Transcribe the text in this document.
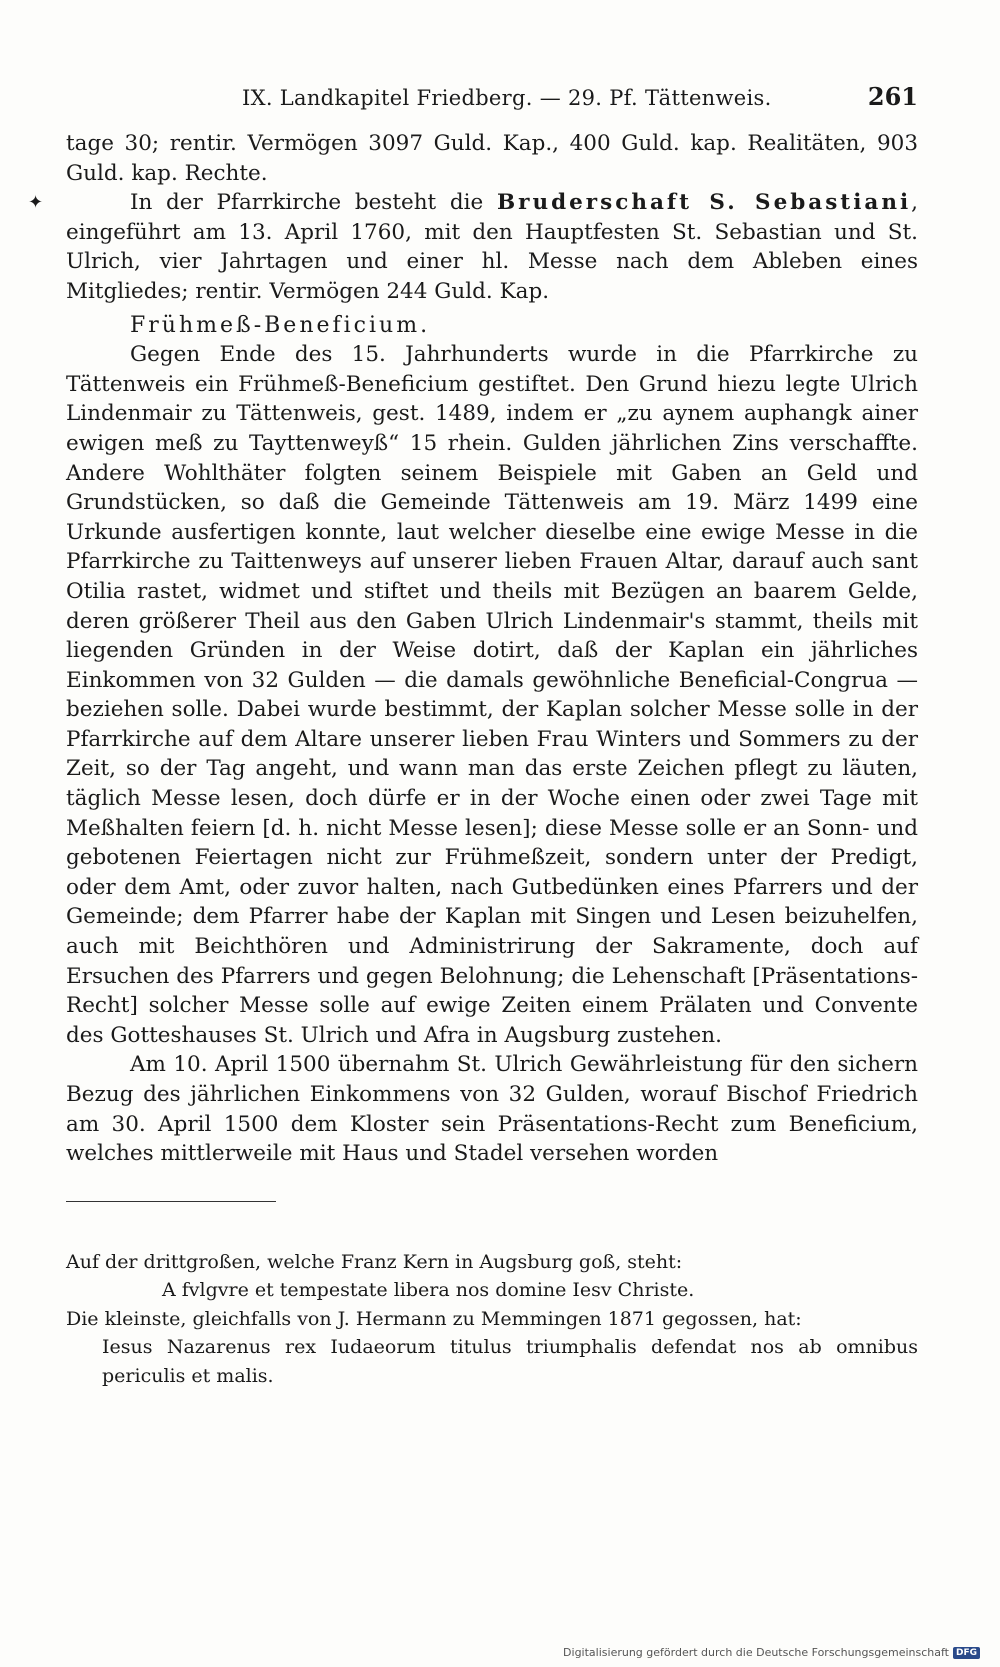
✦
IX. Landkapitel Friedberg. — 29. Pf. Tättenweis.	261

tage 30; rentir. Vermögen 3097 Guld. Kap., 400 Guld. kap. Realitäten, 903 Guld. kap. Rechte.

In der Pfarrkirche besteht die Bruderschaft S. Sebastiani, eingeführt am 13. April 1760, mit den Hauptfesten St. Sebastian und St. Ulrich, vier Jahrtagen und einer hl. Messe nach dem Ableben eines Mitgliedes; rentir. Vermögen 244 Guld. Kap.

Frühmeß-Beneficium.

Gegen Ende des 15. Jahrhunderts wurde in die Pfarrkirche zu Tättenweis ein Frühmeß-Beneficium gestiftet. Den Grund hiezu legte Ulrich Lindenmair zu Tättenweis, gest. 1489, indem er „zu aynem auphangk ainer ewigen meß zu Tayttenweyß“ 15 rhein. Gulden jährlichen Zins verschaffte. Andere Wohlthäter folgten seinem Beispiele mit Gaben an Geld und Grundstücken, so daß die Gemeinde Tättenweis am 19. März 1499 eine Urkunde ausfertigen konnte, laut welcher dieselbe eine ewige Messe in die Pfarrkirche zu Taittenweys auf unserer lieben Frauen Altar, darauf auch sant Otilia rastet, widmet und stiftet und theils mit Bezügen an baarem Gelde, deren größerer Theil aus den Gaben Ulrich Lindenmair's stammt, theils mit liegenden Gründen in der Weise dotirt, daß der Kaplan ein jährliches Einkommen von 32 Gulden — die damals gewöhnliche Beneficial-Congrua — beziehen solle. Dabei wurde bestimmt, der Kaplan solcher Messe solle in der Pfarrkirche auf dem Altare unserer lieben Frau Winters und Sommers zu der Zeit, so der Tag angeht, und wann man das erste Zeichen pflegt zu läuten, täglich Messe lesen, doch dürfe er in der Woche einen oder zwei Tage mit Meßhalten feiern [d. h. nicht Messe lesen]; diese Messe solle er an Sonn- und gebotenen Feiertagen nicht zur Frühmeßzeit, sondern unter der Predigt, oder dem Amt, oder zuvor halten, nach Gutbedünken eines Pfarrers und der Gemeinde; dem Pfarrer habe der Kaplan mit Singen und Lesen beizuhelfen, auch mit Beichthören und Administrirung der Sakramente, doch auf Ersuchen des Pfarrers und gegen Belohnung; die Lehenschaft [Präsentations-Recht] solcher Messe solle auf ewige Zeiten einem Prälaten und Convente des Gotteshauses St. Ulrich und Afra in Augsburg zustehen.

Am 10. April 1500 übernahm St. Ulrich Gewährleistung für den sichern Bezug des jährlichen Einkommens von 32 Gulden, worauf Bischof Friedrich am 30. April 1500 dem Kloster sein Präsentations-Recht zum Beneficium, welches mittlerweile mit Haus und Stadel versehen worden

Auf der drittgroßen, welche Franz Kern in Augsburg goß, steht:

A fvlgvre et tempestate libera nos domine Iesv Christe.

Die kleinste, gleichfalls von J. Hermann zu Memmingen 1871 gegossen, hat:

Iesus Nazarenus rex Iudaeorum titulus triumphalis defendat nos ab omnibus periculis et malis.

Digitalisierung gefördert durch die Deutsche Forschungsgemeinschaft DFG
